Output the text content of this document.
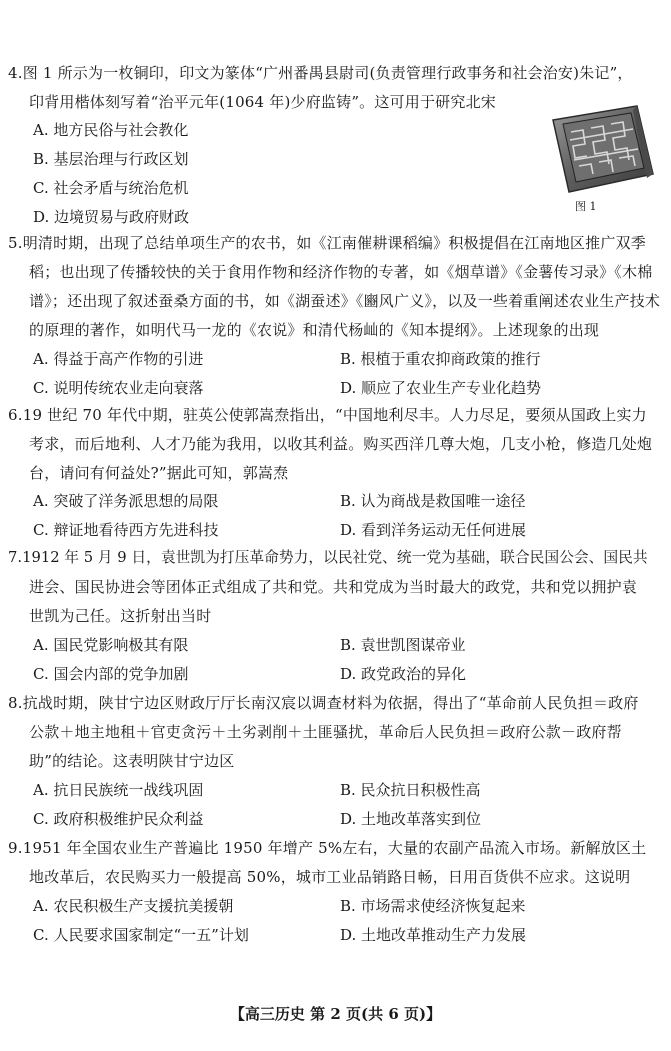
4.图 1 所示为一枚铜印，印文为篆体“广州番禺县尉司(负责管理行政事务和社会治安)朱记”，
印背用楷体刻写着“治平元年(1064 年)少府监铸”。这可用于研究北宋
A. 地方民俗与社会教化
B. 基层治理与行政区划
C. 社会矛盾与统治危机
D. 边境贸易与政府财政
图 1
5.明清时期，出现了总结单项生产的农书，如《江南催耕课稻编》积极提倡在江南地区推广双季
稻；也出现了传播较快的关于食用作物和经济作物的专著，如《烟草谱》《金薯传习录》《木棉
谱》；还出现了叙述蚕桑方面的书，如《湖蚕述》《豳风广义》，以及一些着重阐述农业生产技术
的原理的著作，如明代马一龙的《农说》和清代杨屾的《知本提纲》。上述现象的出现
A. 得益于高产作物的引进	B. 根植于重农抑商政策的推行
C. 说明传统农业走向衰落	D. 顺应了农业生产专业化趋势
6.19 世纪 70 年代中期，驻英公使郭嵩焘指出，“中国地利尽丰。人力尽足，要须从国政上实力
考求，而后地利、人才乃能为我用，以收其利益。购买西洋几尊大炮，几支小枪，修造几处炮
台，请问有何益处?”据此可知，郭嵩焘
A. 突破了洋务派思想的局限	B. 认为商战是救国唯一途径
C. 辩证地看待西方先进科技	D. 看到洋务运动无任何进展
7.1912 年 5 月 9 日，袁世凯为打压革命势力，以民社党、统一党为基础，联合民国公会、国民共
进会、国民协进会等团体正式组成了共和党。共和党成为当时最大的政党，共和党以拥护袁
世凯为己任。这折射出当时
A. 国民党影响极其有限	B. 袁世凯图谋帝业
C. 国会内部的党争加剧	D. 政党政治的异化
8.抗战时期，陕甘宁边区财政厅厅长南汉宸以调查材料为依据，得出了“革命前人民负担＝政府
公款＋地主地租＋官吏贪污＋土劣剥削＋土匪骚扰，革命后人民负担＝政府公款－政府帮
助”的结论。这表明陕甘宁边区
A. 抗日民族统一战线巩固	B. 民众抗日积极性高
C. 政府积极维护民众利益	D. 土地改革落实到位
9.1951 年全国农业生产普遍比 1950 年增产 5%左右，大量的农副产品流入市场。新解放区土
地改革后，农民购买力一般提高 50%，城市工业品销路日畅，日用百货供不应求。这说明
A. 农民积极生产支援抗美援朝	B. 市场需求使经济恢复起来
C. 人民要求国家制定“一五”计划	D. 土地改革推动生产力发展
【高三历史 第 2 页(共 6 页)】
